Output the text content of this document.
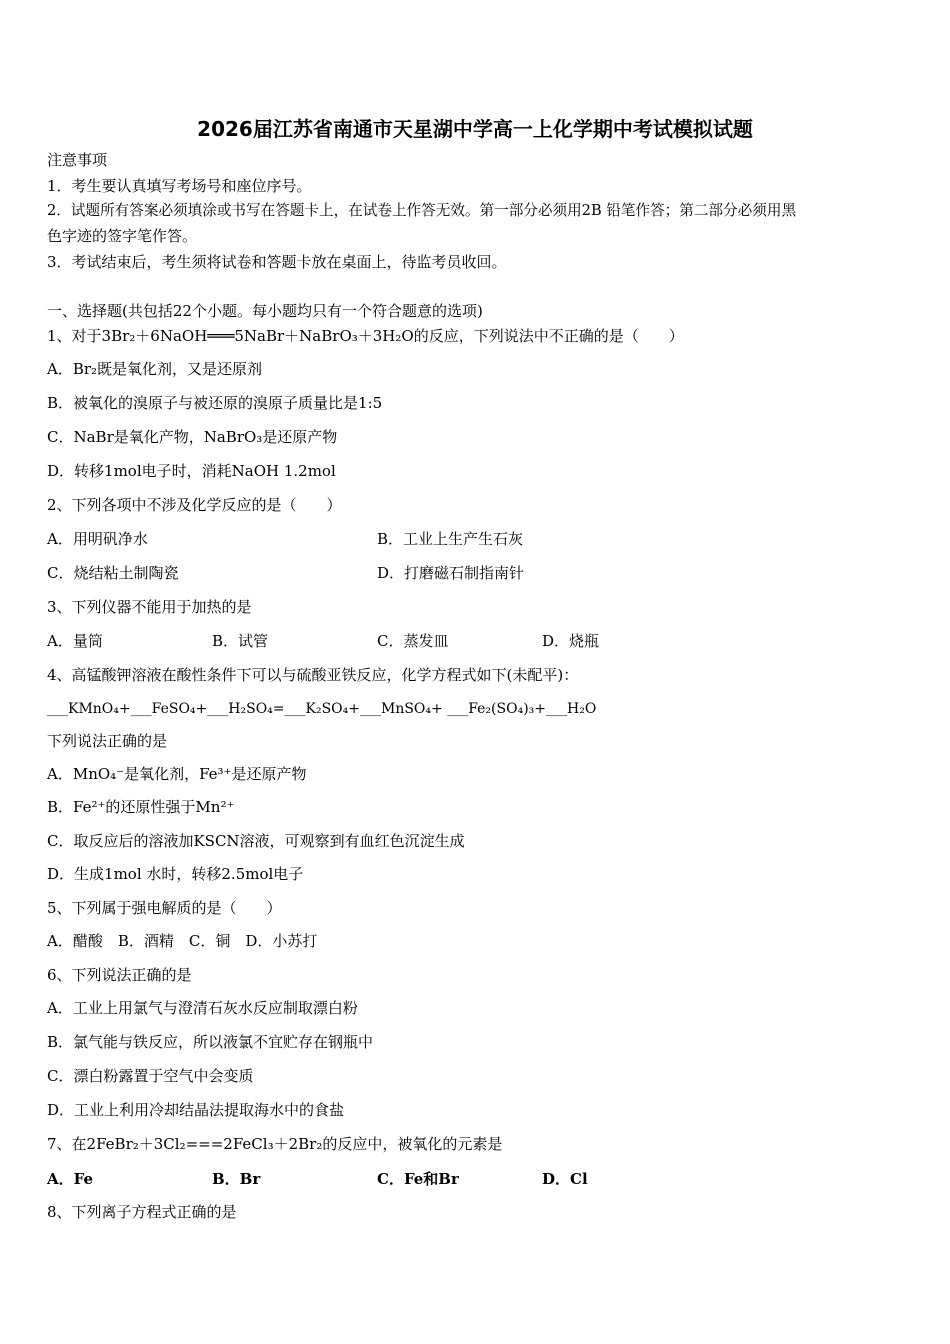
2026届江苏省南通市天星湖中学高一上化学期中考试模拟试题
注意事项
1．考生要认真填写考场号和座位序号。
2．试题所有答案必须填涂或书写在答题卡上，在试卷上作答无效。第一部分必须用2B 铅笔作答；第二部分必须用黑
色字迹的签字笔作答。
3．考试结束后，考生须将试卷和答题卡放在桌面上，待监考员收回。
一、选择题(共包括22个小题。每小题均只有一个符合题意的选项)
1、对于3Br₂＋6NaOH═══5NaBr＋NaBrO₃＋3H₂O的反应，下列说法中不正确的是（　　）
A．Br₂既是氧化剂，又是还原剂
B．被氧化的溴原子与被还原的溴原子质量比是1:5
C．NaBr是氧化产物，NaBrO₃是还原产物
D．转移1mol电子时，消耗NaOH 1.2mol
2、下列各项中不涉及化学反应的是（　　）
A．用明矾净水	B．工业上生产生石灰
C．烧结粘土制陶瓷	D．打磨磁石制指南针
3、下列仪器不能用于加热的是
A．量筒	B．试管	C．蒸发皿	D．烧瓶
4、高锰酸钾溶液在酸性条件下可以与硫酸亚铁反应，化学方程式如下(未配平)：
___KMnO₄+___FeSO₄+___H₂SO₄=___K₂SO₄+___MnSO₄+ ___Fe₂(SO₄)₃+___H₂O
下列说法正确的是
A．MnO₄⁻是氧化剂，Fe³⁺是还原产物
B．Fe²⁺的还原性强于Mn²⁺
C．取反应后的溶液加KSCN溶液，可观察到有血红色沉淀生成
D．生成1mol 水时，转移2.5mol电子
5、下列属于强电解质的是（　　）
A．醋酸　B．酒精　C．铜　D．小苏打
6、下列说法正确的是
A．工业上用氯气与澄清石灰水反应制取漂白粉
B．氯气能与铁反应，所以液氯不宜贮存在钢瓶中
C．漂白粉露置于空气中会变质
D．工业上利用冷却结晶法提取海水中的食盐
7、在2FeBr₂＋3Cl₂===2FeCl₃＋2Br₂的反应中，被氧化的元素是
A．Fe	B．Br	C．Fe和Br	D．Cl
8、下列离子方程式正确的是
